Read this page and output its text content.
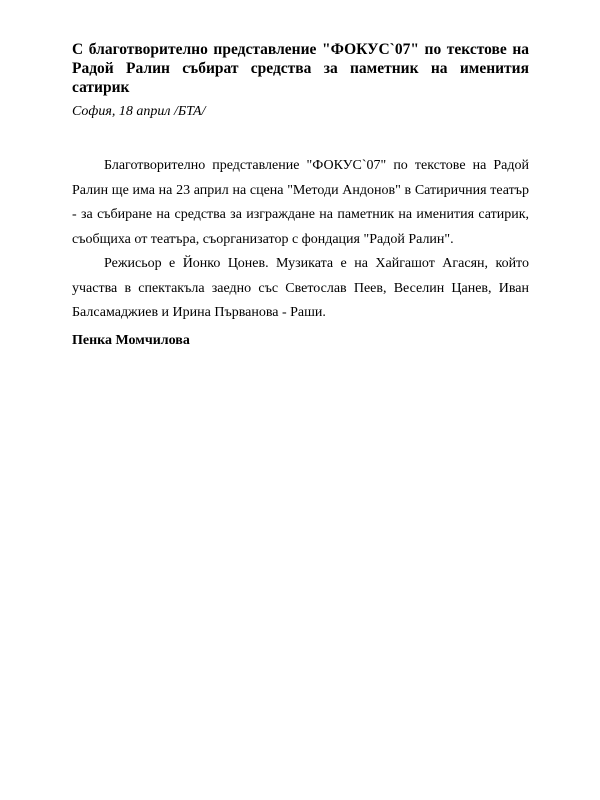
С благотворително представление "ФОКУС`07" по текстове на Радой Ралин събират средства за паметник на именития сатирик

София, 18 април /БТА/

Благотворително представление "ФОКУС`07" по текстове на Радой Ралин ще има на 23 април на сцена "Методи Андонов" в Сатиричния театър - за събиране на средства за изграждане на паметник на именития сатирик, съобщиха от театъра, съорганизатор с фондация "Радой Ралин".

Режисьор е Йонко Цонев. Музиката е на Хайгашот Агасян, който участва в спектакъла заедно със Светослав Пеев, Веселин Цанев, Иван Балсамаджиев и Ирина Първанова - Раши.

Пенка Момчилова
